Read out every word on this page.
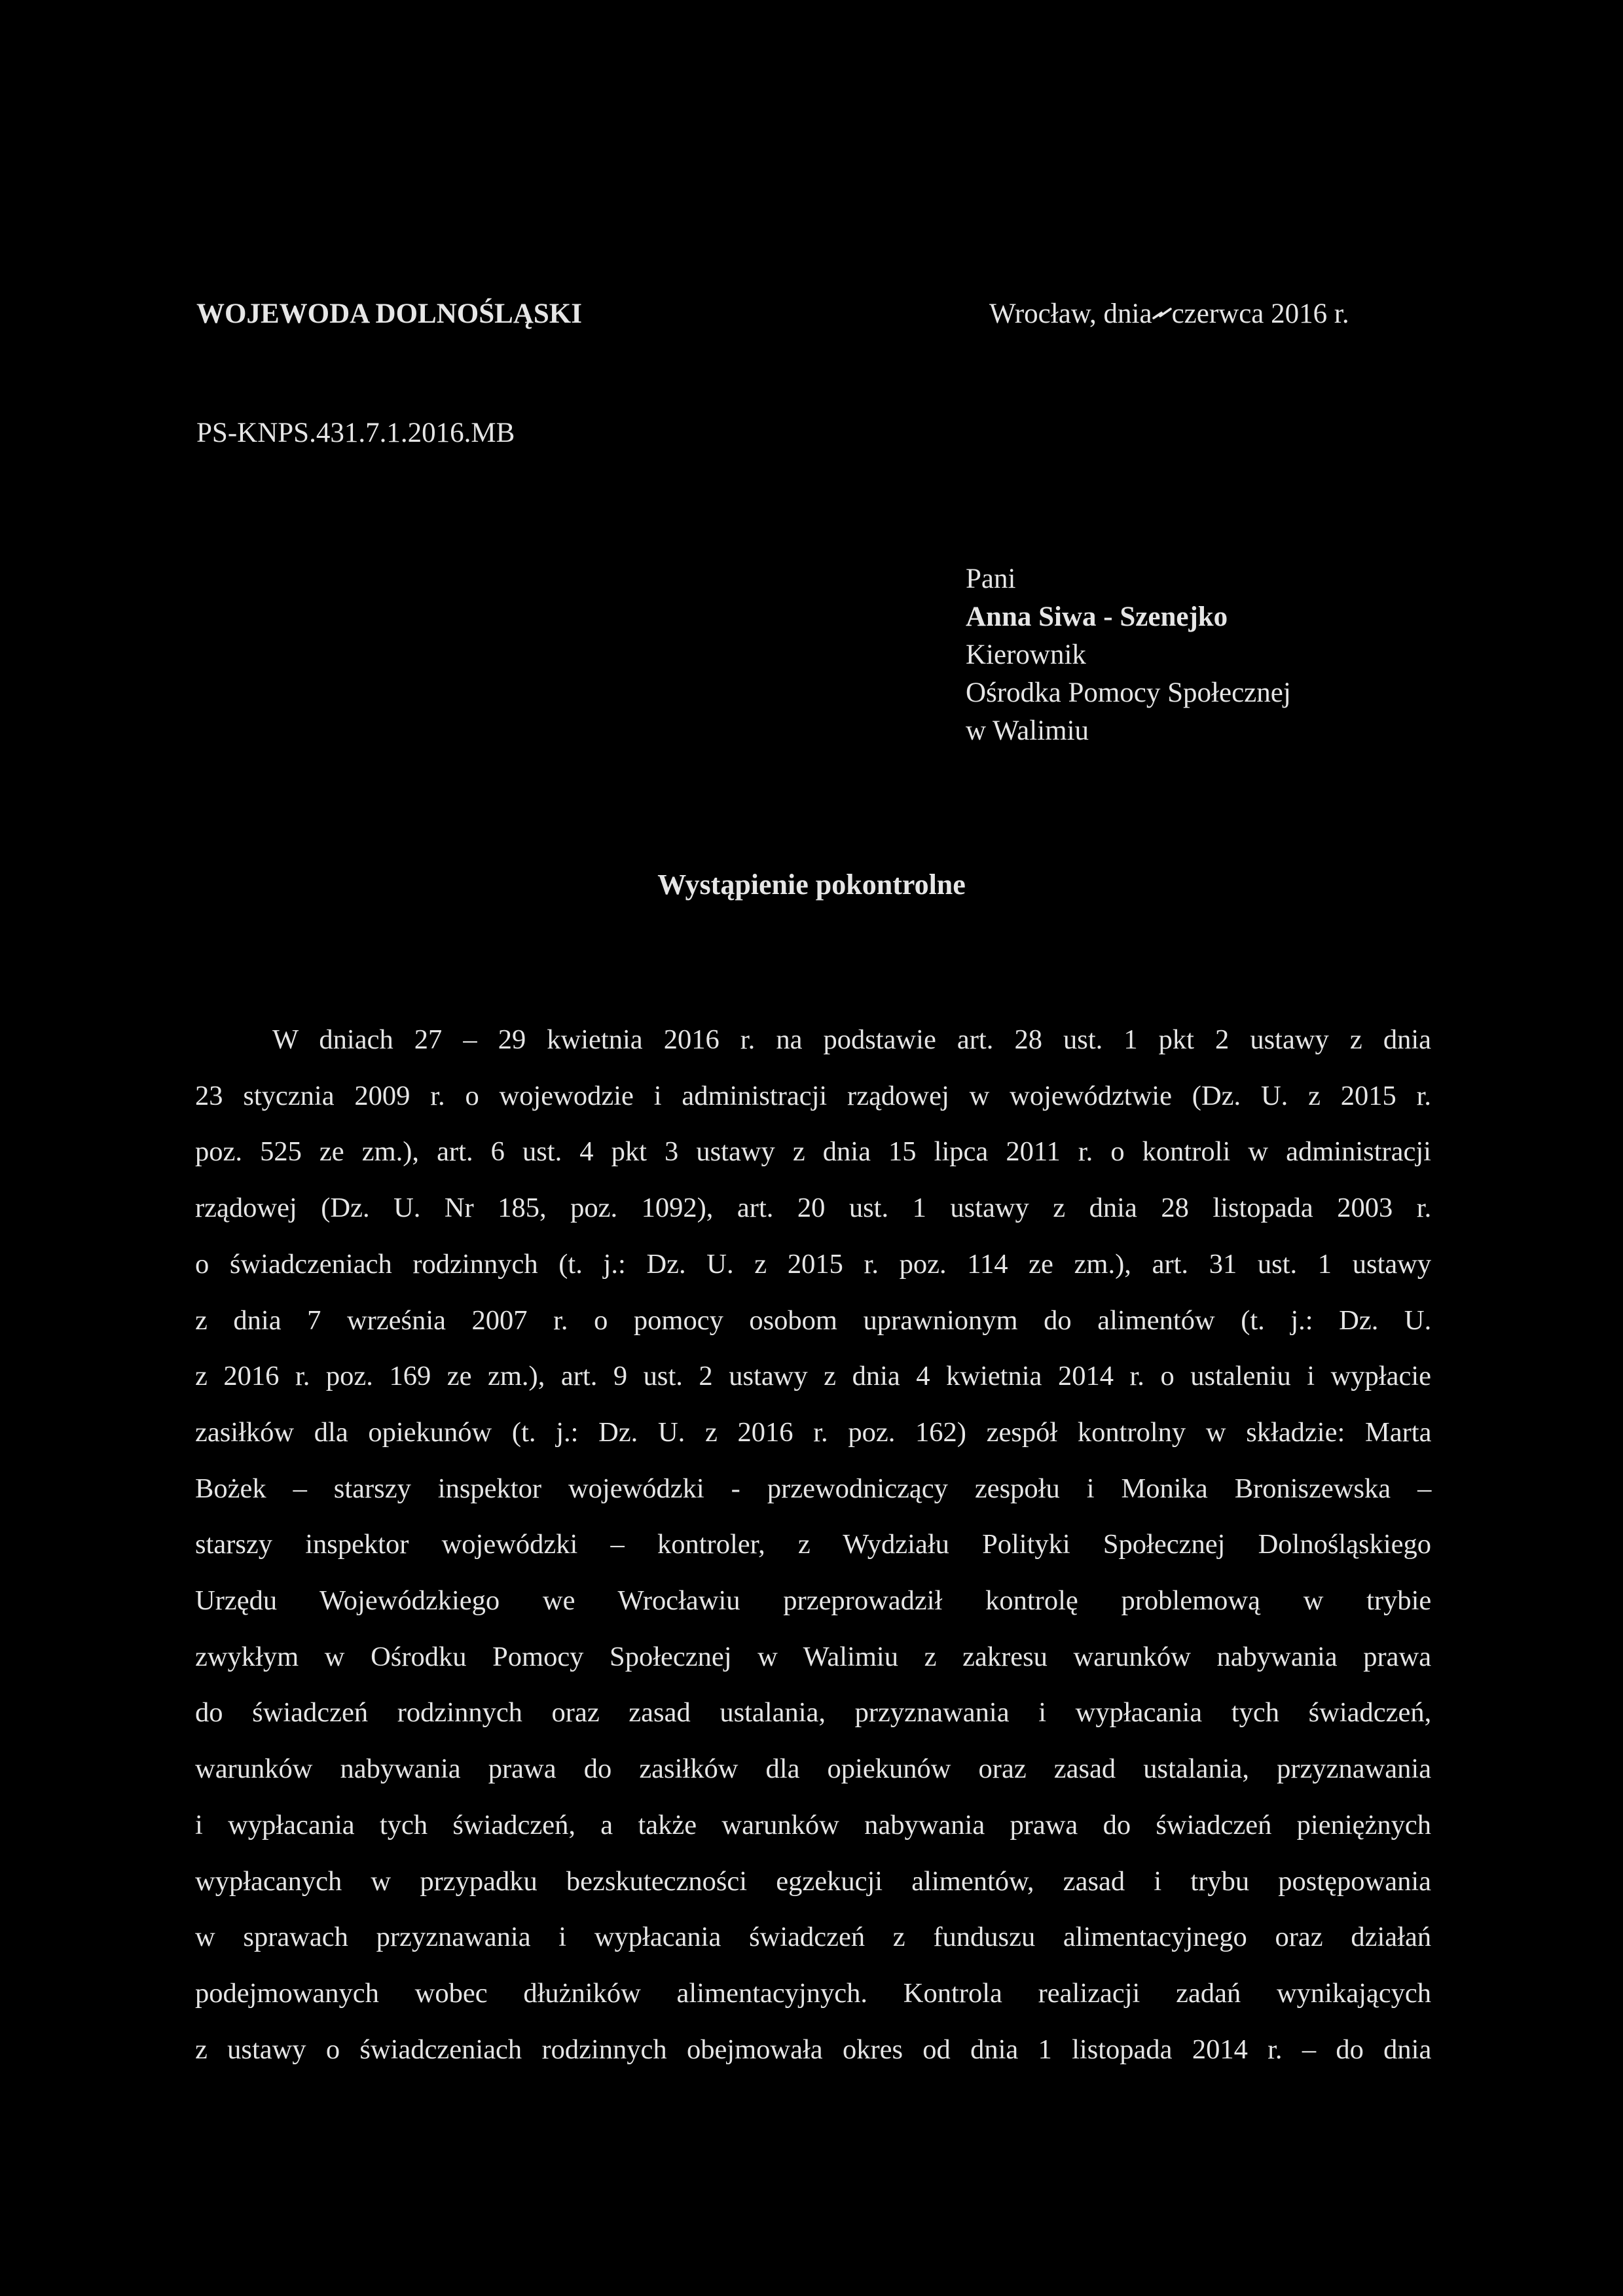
WOJEWODA DOLNOŚLĄSKI	Wrocław, dnia czerwca 2016 r.
PS-KNPS.431.7.1.2016.MB
Pani
Anna Siwa - Szenejko
Kierownik
Ośrodka Pomocy Społecznej
w Walimiu
Wystąpienie pokontrolne
W dniach 27 – 29 kwietnia 2016 r. na podstawie art. 28 ust. 1 pkt 2 ustawy z dnia
23 stycznia 2009 r. o wojewodzie i administracji rządowej w województwie (Dz. U. z 2015 r.
poz. 525 ze zm.), art. 6 ust. 4 pkt 3 ustawy z dnia 15 lipca 2011 r. o kontroli w administracji
rządowej (Dz. U. Nr 185, poz. 1092), art. 20 ust. 1 ustawy z dnia 28 listopada 2003 r.
o świadczeniach rodzinnych (t. j.: Dz. U. z 2015 r. poz. 114 ze zm.), art. 31 ust. 1 ustawy
z dnia 7 września 2007 r. o pomocy osobom uprawnionym do alimentów (t. j.: Dz. U.
z 2016 r. poz. 169 ze zm.), art. 9 ust. 2 ustawy z dnia 4 kwietnia 2014 r. o ustaleniu i wypłacie
zasiłków dla opiekunów (t. j.: Dz. U. z 2016 r. poz. 162) zespół kontrolny w składzie: Marta
Bożek – starszy inspektor wojewódzki - przewodniczący zespołu i Monika Broniszewska –
starszy inspektor wojewódzki – kontroler, z Wydziału Polityki Społecznej Dolnośląskiego
Urzędu Wojewódzkiego we Wrocławiu przeprowadził kontrolę problemową w trybie
zwykłym w Ośrodku Pomocy Społecznej w Walimiu z zakresu warunków nabywania prawa
do świadczeń rodzinnych oraz zasad ustalania, przyznawania i wypłacania tych świadczeń,
warunków nabywania prawa do zasiłków dla opiekunów oraz zasad ustalania, przyznawania
i wypłacania tych świadczeń, a także warunków nabywania prawa do świadczeń pieniężnych
wypłacanych w przypadku bezskuteczności egzekucji alimentów, zasad i trybu postępowania
w sprawach przyznawania i wypłacania świadczeń z funduszu alimentacyjnego oraz działań
podejmowanych wobec dłużników alimentacyjnych. Kontrola realizacji zadań wynikających
z ustawy o świadczeniach rodzinnych obejmowała okres od dnia 1 listopada 2014 r. – do dnia
